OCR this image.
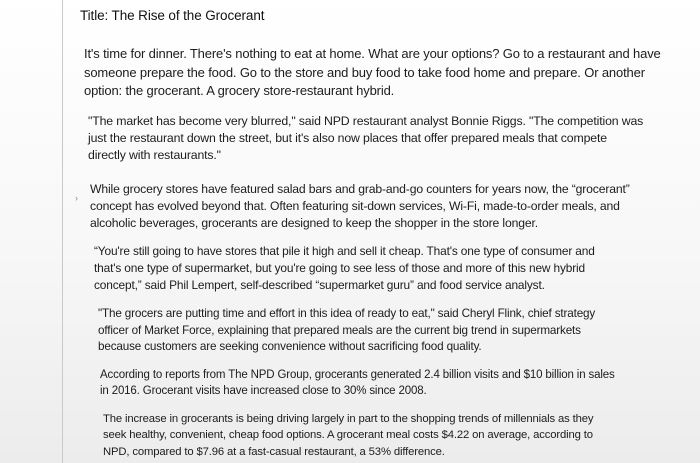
Title: The Rise of the Grocerant
›

It's time for dinner. There's nothing to eat at home. What are your options? Go to a restaurant and have
someone prepare the food. Go to the store and buy food to take food home and prepare. Or another
option: the grocerant. A grocery store-restaurant hybrid.

"The market has become very blurred," said NPD restaurant analyst Bonnie Riggs. "The competition was
just the restaurant down the street, but it's also now places that offer prepared meals that compete
directly with restaurants."

While grocery stores have featured salad bars and grab-and-go counters for years now, the “grocerant”
concept has evolved beyond that. Often featuring sit-down services, Wi-Fi, made-to-order meals, and
alcoholic beverages, grocerants are designed to keep the shopper in the store longer.

“You're still going to have stores that pile it high and sell it cheap. That's one type of consumer and
that's one type of supermarket, but you're going to see less of those and more of this new hybrid
concept,” said Phil Lempert, self-described “supermarket guru” and food service analyst.

"The grocers are putting time and effort in this idea of ready to eat," said Cheryl Flink, chief strategy
officer of Market Force, explaining that prepared meals are the current big trend in supermarkets
because customers are seeking convenience without sacrificing food quality.

According to reports from The NPD Group, grocerants generated 2.4 billion visits and $10 billion in sales
in 2016. Grocerant visits have increased close to 30% since 2008.

The increase in grocerants is being driving largely in part to the shopping trends of millennials as they
seek healthy, convenient, cheap food options. A grocerant meal costs $4.22 on average, according to
NPD, compared to $7.96 at a fast-casual restaurant, a 53% difference.
